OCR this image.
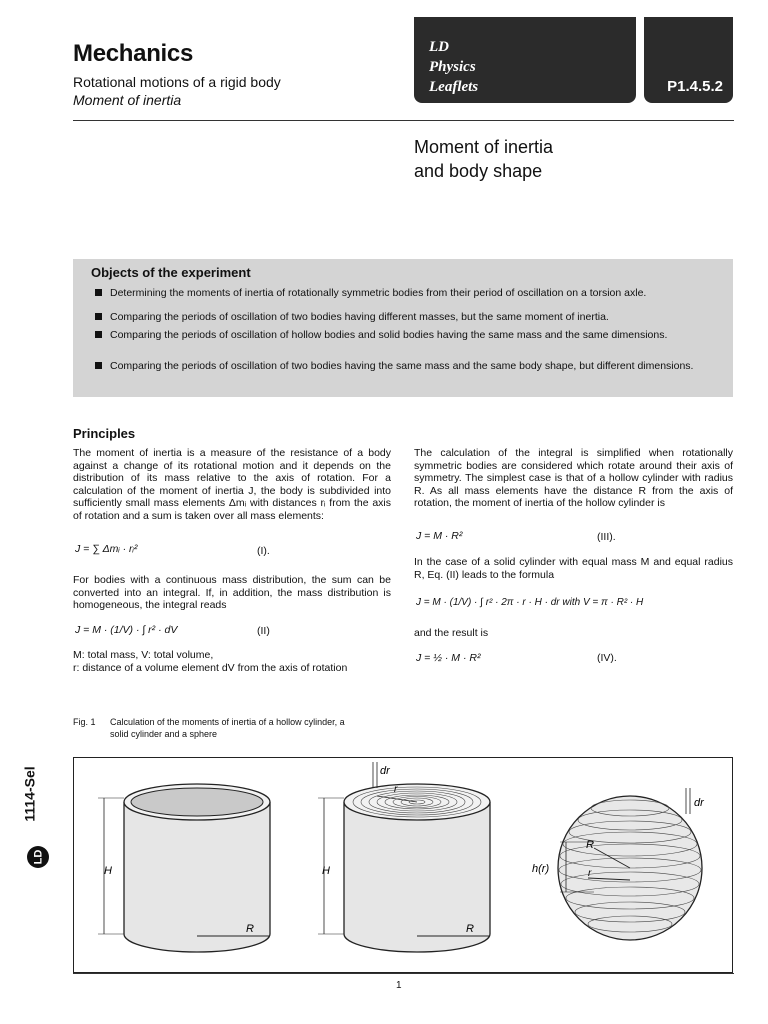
Mechanics
Rotational motions of a rigid body
Moment of inertia
LD
Physics
Leaflets	P1.4.5.2
Moment of inertia
and body shape
Objects of the experiment
Determining the moments of inertia of rotationally symmetric bodies from their period of oscillation on a torsion axle.
Comparing the periods of oscillation of two bodies having different masses, but the same moment of inertia.
Comparing the periods of oscillation of hollow bodies and solid bodies having the same mass and the same dimensions.
Comparing the periods of oscillation of two bodies having the same mass and the same body shape, but different dimensions.
Principles
The moment of inertia is a measure of the resistance of a body against a change of its rotational motion and it depends on the distribution of its mass relative to the axis of rotation. For a calculation of the moment of inertia J, the body is subdivided into sufficiently small mass elements Δmᵢ with distances rᵢ from the axis of rotation and a sum is taken over all mass elements:
J = ∑ Δmᵢ · rᵢ²	(I).
For bodies with a continuous mass distribution, the sum can be converted into an integral. If, in addition, the mass distribution is homogeneous, the integral reads
J = M · (1/V) · ∫ r² · dV	(II)
M: total mass, V: total volume,
r: distance of a volume element dV from the axis of rotation
The calculation of the integral is simplified when rotationally symmetric bodies are considered which rotate around their axis of symmetry. The simplest case is that of a hollow cylinder with radius R. As all mass elements have the distance R from the axis of rotation, the moment of inertia of the hollow cylinder is
J = M · R²	(III).
In the case of a solid cylinder with equal mass M and equal radius R, Eq. (II) leads to the formula
J = M · (1/V) · ∫ r² · 2π · r · H · dr with V = π · R² · H
and the result is
J = ½ · M · R²	(IV).
Fig. 1 Calculation of the moments of inertia of a hollow cylinder, a
solid cylinder and a sphere
H
R
dr
r
H
R
dr
R
r
h(r)
1
1114-Sel
LD
